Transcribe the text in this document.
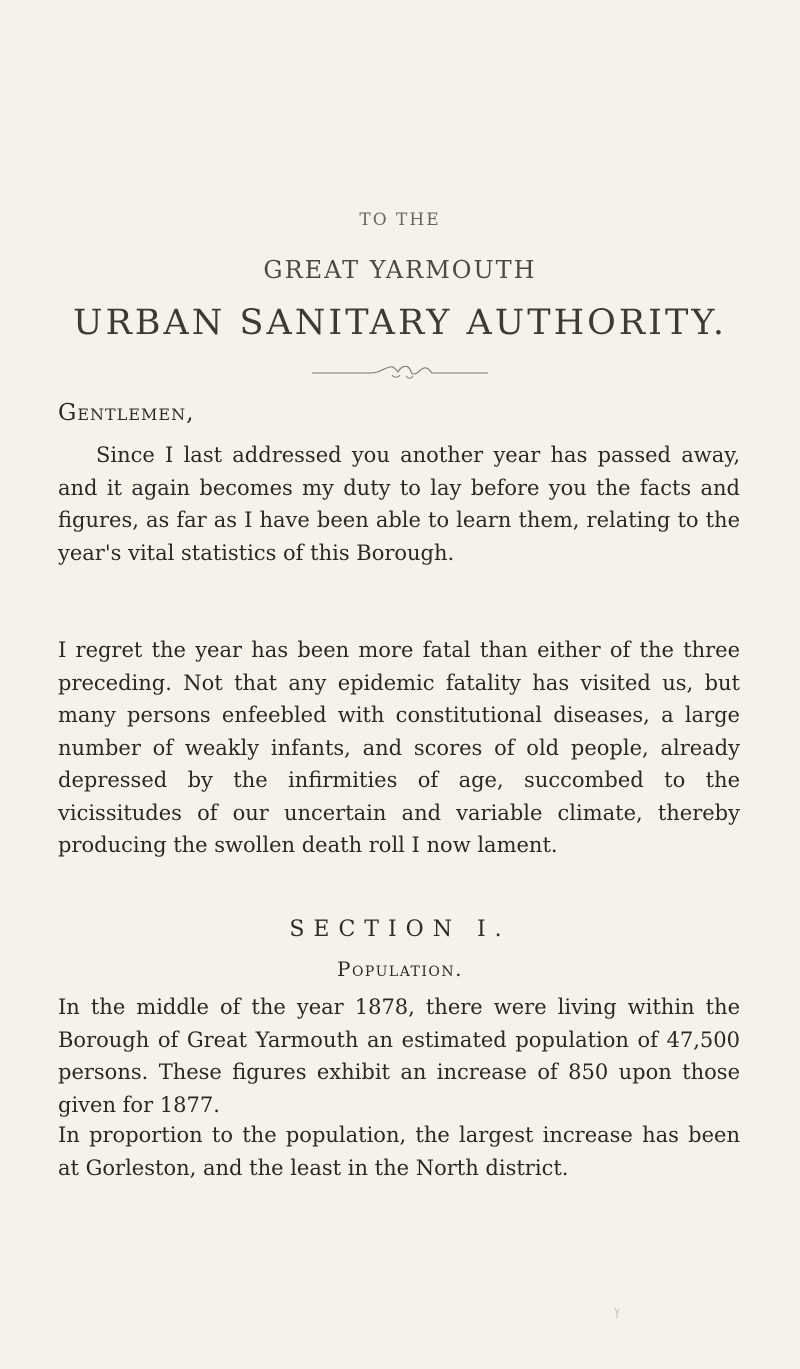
TO THE
GREAT YARMOUTH
URBAN SANITARY AUTHORITY.
Gentlemen,

Since I last addressed you another year has passed away, and it again becomes my duty to lay before you the facts and figures, as far as I have been able to learn them, relating to the year's vital statistics of this Borough.

I regret the year has been more fatal than either of the three preceding. Not that any epidemic fatality has visited us, but many persons enfeebled with constitutional diseases, a large number of weakly infants, and scores of old people, already depressed by the infirmities of age, succombed to the vicissitudes of our uncertain and variable climate, thereby producing the swollen death roll I now lament.

SECTION I.
Population.

In the middle of the year 1878, there were living within the Borough of Great Yarmouth an estimated population of 47,500 persons. These figures exhibit an increase of 850 upon those given for 1877.

In proportion to the population, the largest increase has been at Gorleston, and the least in the North district.
